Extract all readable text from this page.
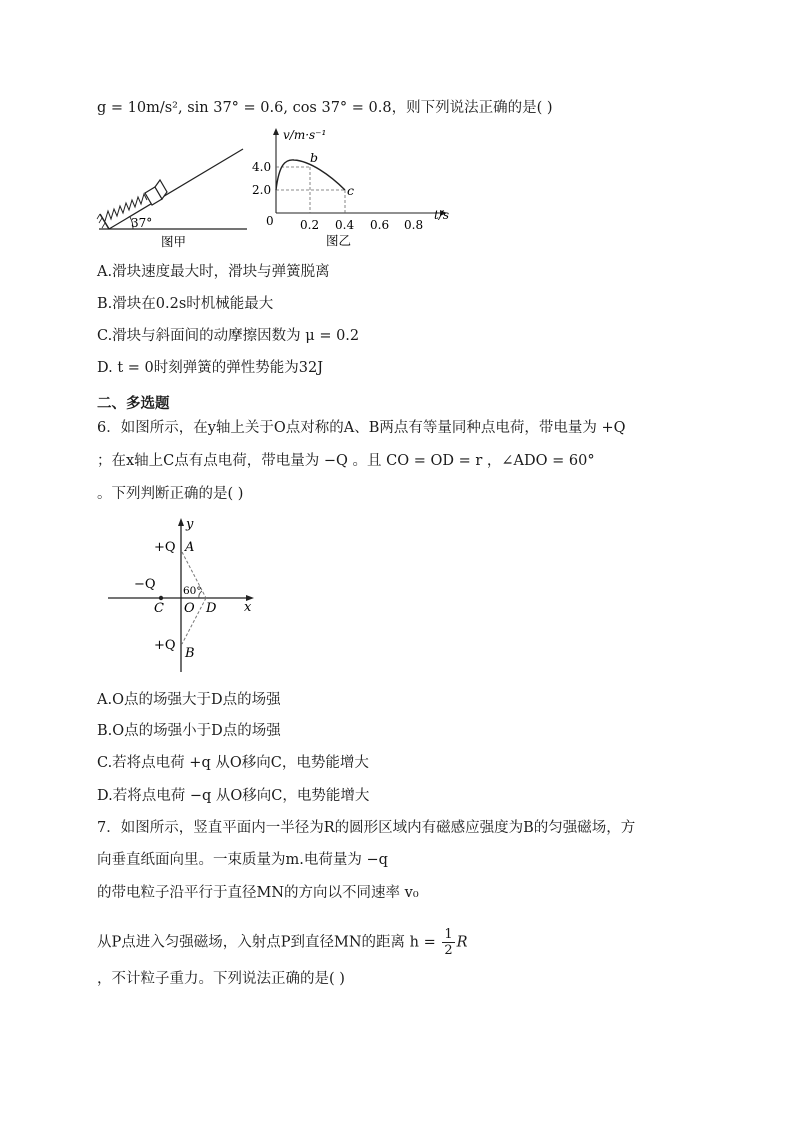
g = 10m/s², sin 37° = 0.6, cos 37° = 0.8，则下列说法正确的是( )
37°
图甲
v/m·s⁻¹
t/s
0
4.0
2.0
0.2 0.4 0.6 0.8
b
c
图乙
A.滑块速度最大时，滑块与弹簧脱离
B.滑块在0.2s时机械能最大
C.滑块与斜面间的动摩擦因数为 μ = 0.2
D. t = 0时刻弹簧的弹性势能为32J
二、多选题
6．如图所示，在y轴上关于O点对称的A、B两点有等量同种点电荷，带电量为 +Q
；在x轴上C点有点电荷，带电量为 −Q 。且 CO = OD = r ，∠ADO = 60°
。下列判断正确的是( )
y
x
+Q A
−Q	60°
C O D
+Q
B
A.O点的场强大于D点的场强
B.O点的场强小于D点的场强
C.若将点电荷 +q 从O移向C，电势能增大
D.若将点电荷 −q 从O移向C，电势能增大
7．如图所示，竖直平面内一半径为R的圆形区域内有磁感应强度为B的匀强磁场，方
向垂直纸面向里。一束质量为m.电荷量为 −q
的带电粒子沿平行于直径MN的方向以不同速率 v₀
从P点进入匀强磁场，入射点P到直径MN的距离 $h = \frac{1}{2}$ R
，不计粒子重力。下列说法正确的是( )
